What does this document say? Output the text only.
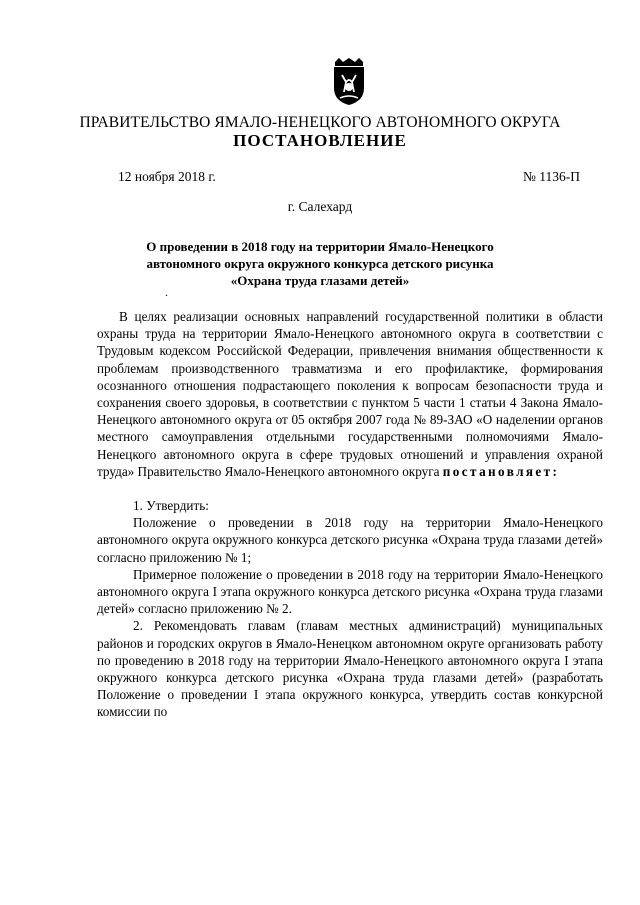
ПРАВИТЕЛЬСТВО ЯМАЛО-НЕНЕЦКОГО АВТОНОМНОГО ОКРУГА
ПОСТАНОВЛЕНИЕ
12 ноября 2018 г.	№ 1136-П
г. Салехард
О проведении в 2018 году на территории Ямало-Ненецкого
автономного округа окружного конкурса детского рисунка
«Охрана труда глазами детей»
.

В целях реализации основных направлений государственной политики в области охраны труда на территории Ямало-Ненецкого автономного округа в соответствии с Трудовым кодексом Российской Федерации, привлечения внимания общественности к проблемам производственного травматизма и его профилактике, формирования осознанного отношения подрастающего поколения к вопросам безопасности труда и сохранения своего здоровья, в соответствии с пунктом 5 части 1 статьи 4 Закона Ямало-Ненецкого автономного округа от 05 октября 2007 года № 89-ЗАО «О наделении органов местного самоуправления отдельными государственными полномочиями Ямало-Ненецкого автономного округа в сфере трудовых отношений и управления охраной труда» Правительство Ямало-Ненецкого автономного округа постановляет:

1. Утвердить:

Положение о проведении в 2018 году на территории Ямало-Ненецкого автономного округа окружного конкурса детского рисунка «Охрана труда глазами детей» согласно приложению № 1;

Примерное положение о проведении в 2018 году на территории Ямало-Ненецкого автономного округа I этапа окружного конкурса детского рисунка «Охрана труда глазами детей» согласно приложению № 2.

2. Рекомендовать главам (главам местных администраций) муниципальных районов и городских округов в Ямало-Ненецком автономном округе организовать работу по проведению в 2018 году на территории Ямало-Ненецкого автономного округа I этапа окружного конкурса детского рисунка «Охрана труда глазами детей» (разработать Положение о проведении I этапа окружного конкурса, утвердить состав конкурсной комиссии по
